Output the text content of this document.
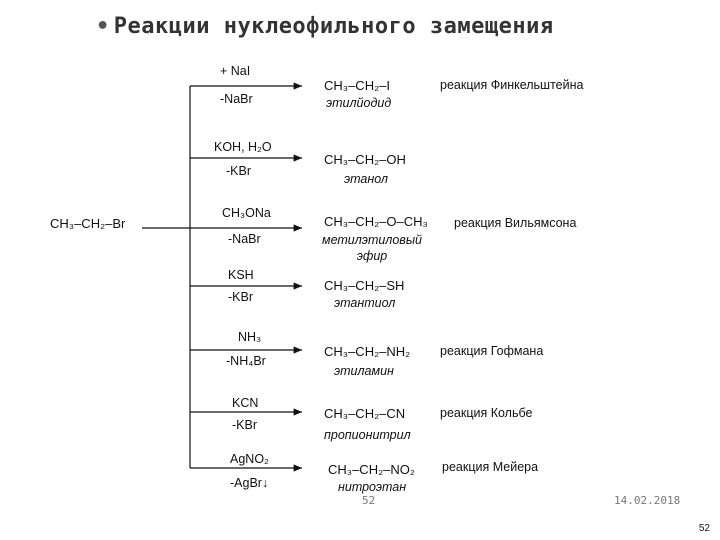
• Реакции нуклеофильного замещения
CH₃–CH₂–Br
+ NaI
-NaBr
CH₃–CH₂–I
этилйодид
реакция Финкельштейна
KOH, H₂O
-KBr
CH₃–CH₂–OH
этанол
CH₃ONa
-NaBr
CH₃–CH₂–O–CH₃
метилэтиловый
эфир
реакция Вильямсона
KSH
-KBr
CH₃–CH₂–SH
этантиол
NH₃
-NH₄Br
CH₃–CH₂–NH₂
этиламин
реакция Гофмана
KCN
-KBr
CH₃–CH₂–CN
пропионитрил
реакция Кольбе
AgNO₂
-AgBr↓
CH₃–CH₂–NO₂
нитроэтан
реакция Мейера
52	14.02.2018
52
